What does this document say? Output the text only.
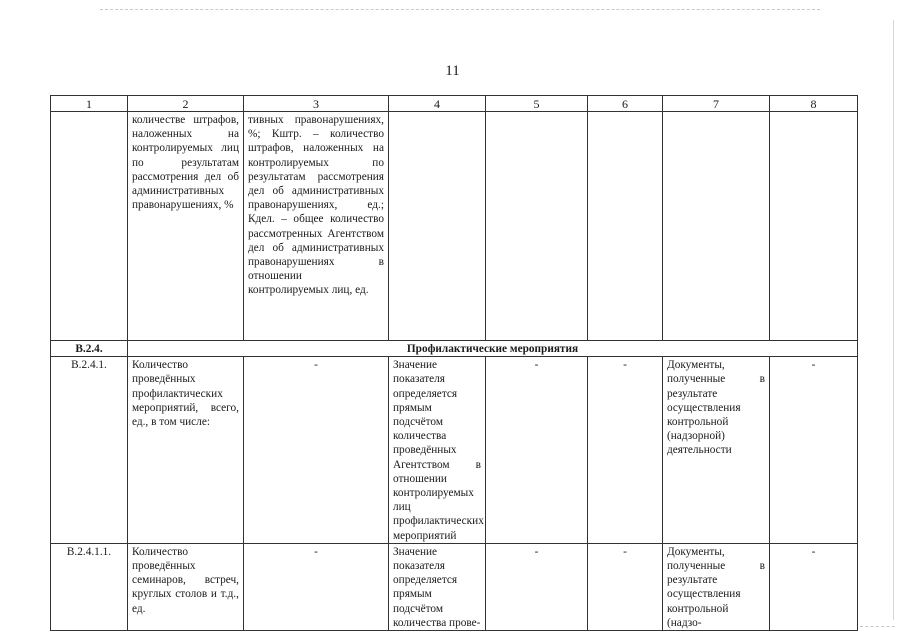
11
1	2	3	4	5	6	7	8
	количестве штрафов, наложенных на контролируемых лиц по результатам рассмотрения дел об административных правонарушениях, %	тивных правонарушениях, %; Кштр. – количество штрафов, наложенных на контролируемых по результатам рассмотрения дел об административных правонарушениях, ед.; Кдел. – общее количество рассмотренных Агентством дел об административных правонарушениях в отношении контролируемых лиц, ед.					
В.2.4.	Профилактические мероприятия						
В.2.4.1.	Количество проведённых профилактических мероприятий, всего, ед., в том числе:	-	Значение показателя определяется прямым подсчётом количества проведённых Агентством в отношении контролируемых лиц профилактических мероприятий	-	-	Документы, полученные в результате осуществления контрольной (надзорной) деятельности	-
В.2.4.1.1.	Количество проведённых семинаров, встреч, круглых столов и т.д., ед.	-	Значение показателя определяется прямым подсчётом количества прове-	-	-	Документы, полученные в результате осуществления контрольной (надзо-	-
